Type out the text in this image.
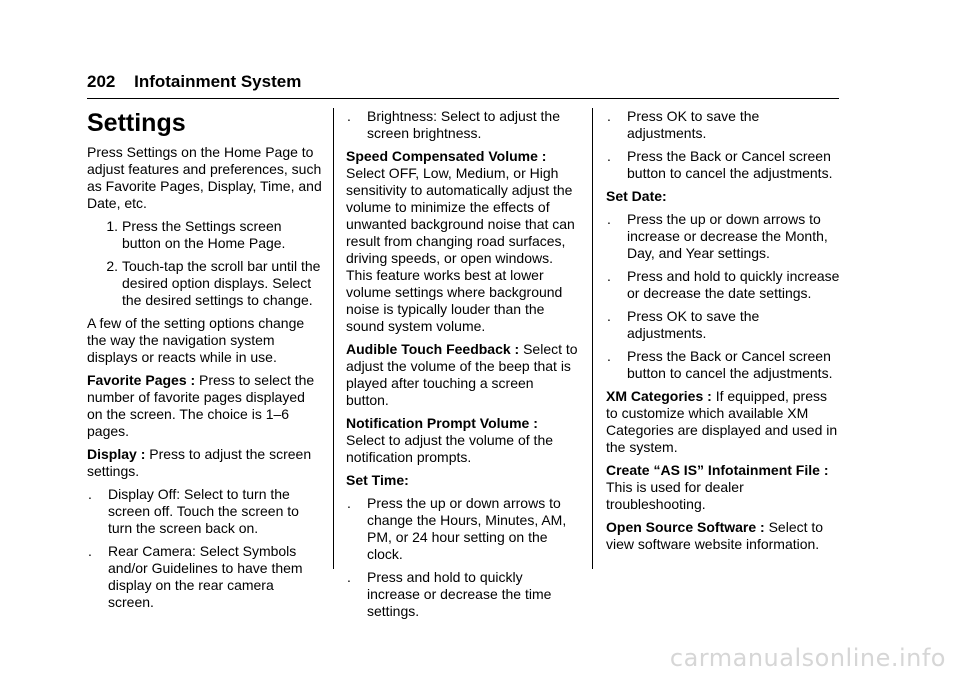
202 Infotainment System
Settings

Press Settings on the Home Page to adjust features and preferences, such as Favorite Pages, Display, Time, and Date, etc.

1. Press the Settings screen button on the Home Page.
2. Touch-tap the scroll bar until the desired option displays. Select the desired settings to change.

A few of the setting options change the way the navigation system displays or reacts while in use.

Favorite Pages : Press to select the number of favorite pages displayed on the screen. The choice is 1–6 pages.

Display : Press to adjust the screen settings.

.	Display Off: Select to turn the screen off. Touch the screen to turn the screen back on.
.	Rear Camera: Select Symbols and/or Guidelines to have them display on the rear camera screen.
.	Brightness: Select to adjust the screen brightness.

Speed Compensated Volume : Select OFF, Low, Medium, or High sensitivity to automatically adjust the volume to minimize the effects of unwanted background noise that can result from changing road surfaces, driving speeds, or open windows. This feature works best at lower volume settings where background noise is typically louder than the sound system volume.

Audible Touch Feedback : Select to adjust the volume of the beep that is played after touching a screen button.

Notification Prompt Volume : Select to adjust the volume of the notification prompts.

Set Time:
.	Press the up or down arrows to change the Hours, Minutes, AM, PM, or 24 hour setting on the clock.
.	Press and hold to quickly increase or decrease the time settings.
.	Press OK to save the adjustments.
.	Press the Back or Cancel screen button to cancel the adjustments.
Set Date:
.	Press the up or down arrows to increase or decrease the Month, Day, and Year settings.
.	Press and hold to quickly increase or decrease the date settings.
.	Press OK to save the adjustments.
.	Press the Back or Cancel screen button to cancel the adjustments.

XM Categories : If equipped, press to customize which available XM Categories are displayed and used in the system.

Create “AS IS” Infotainment File : This is used for dealer troubleshooting.

Open Source Software : Select to view software website information.

carmanualsonline.info
